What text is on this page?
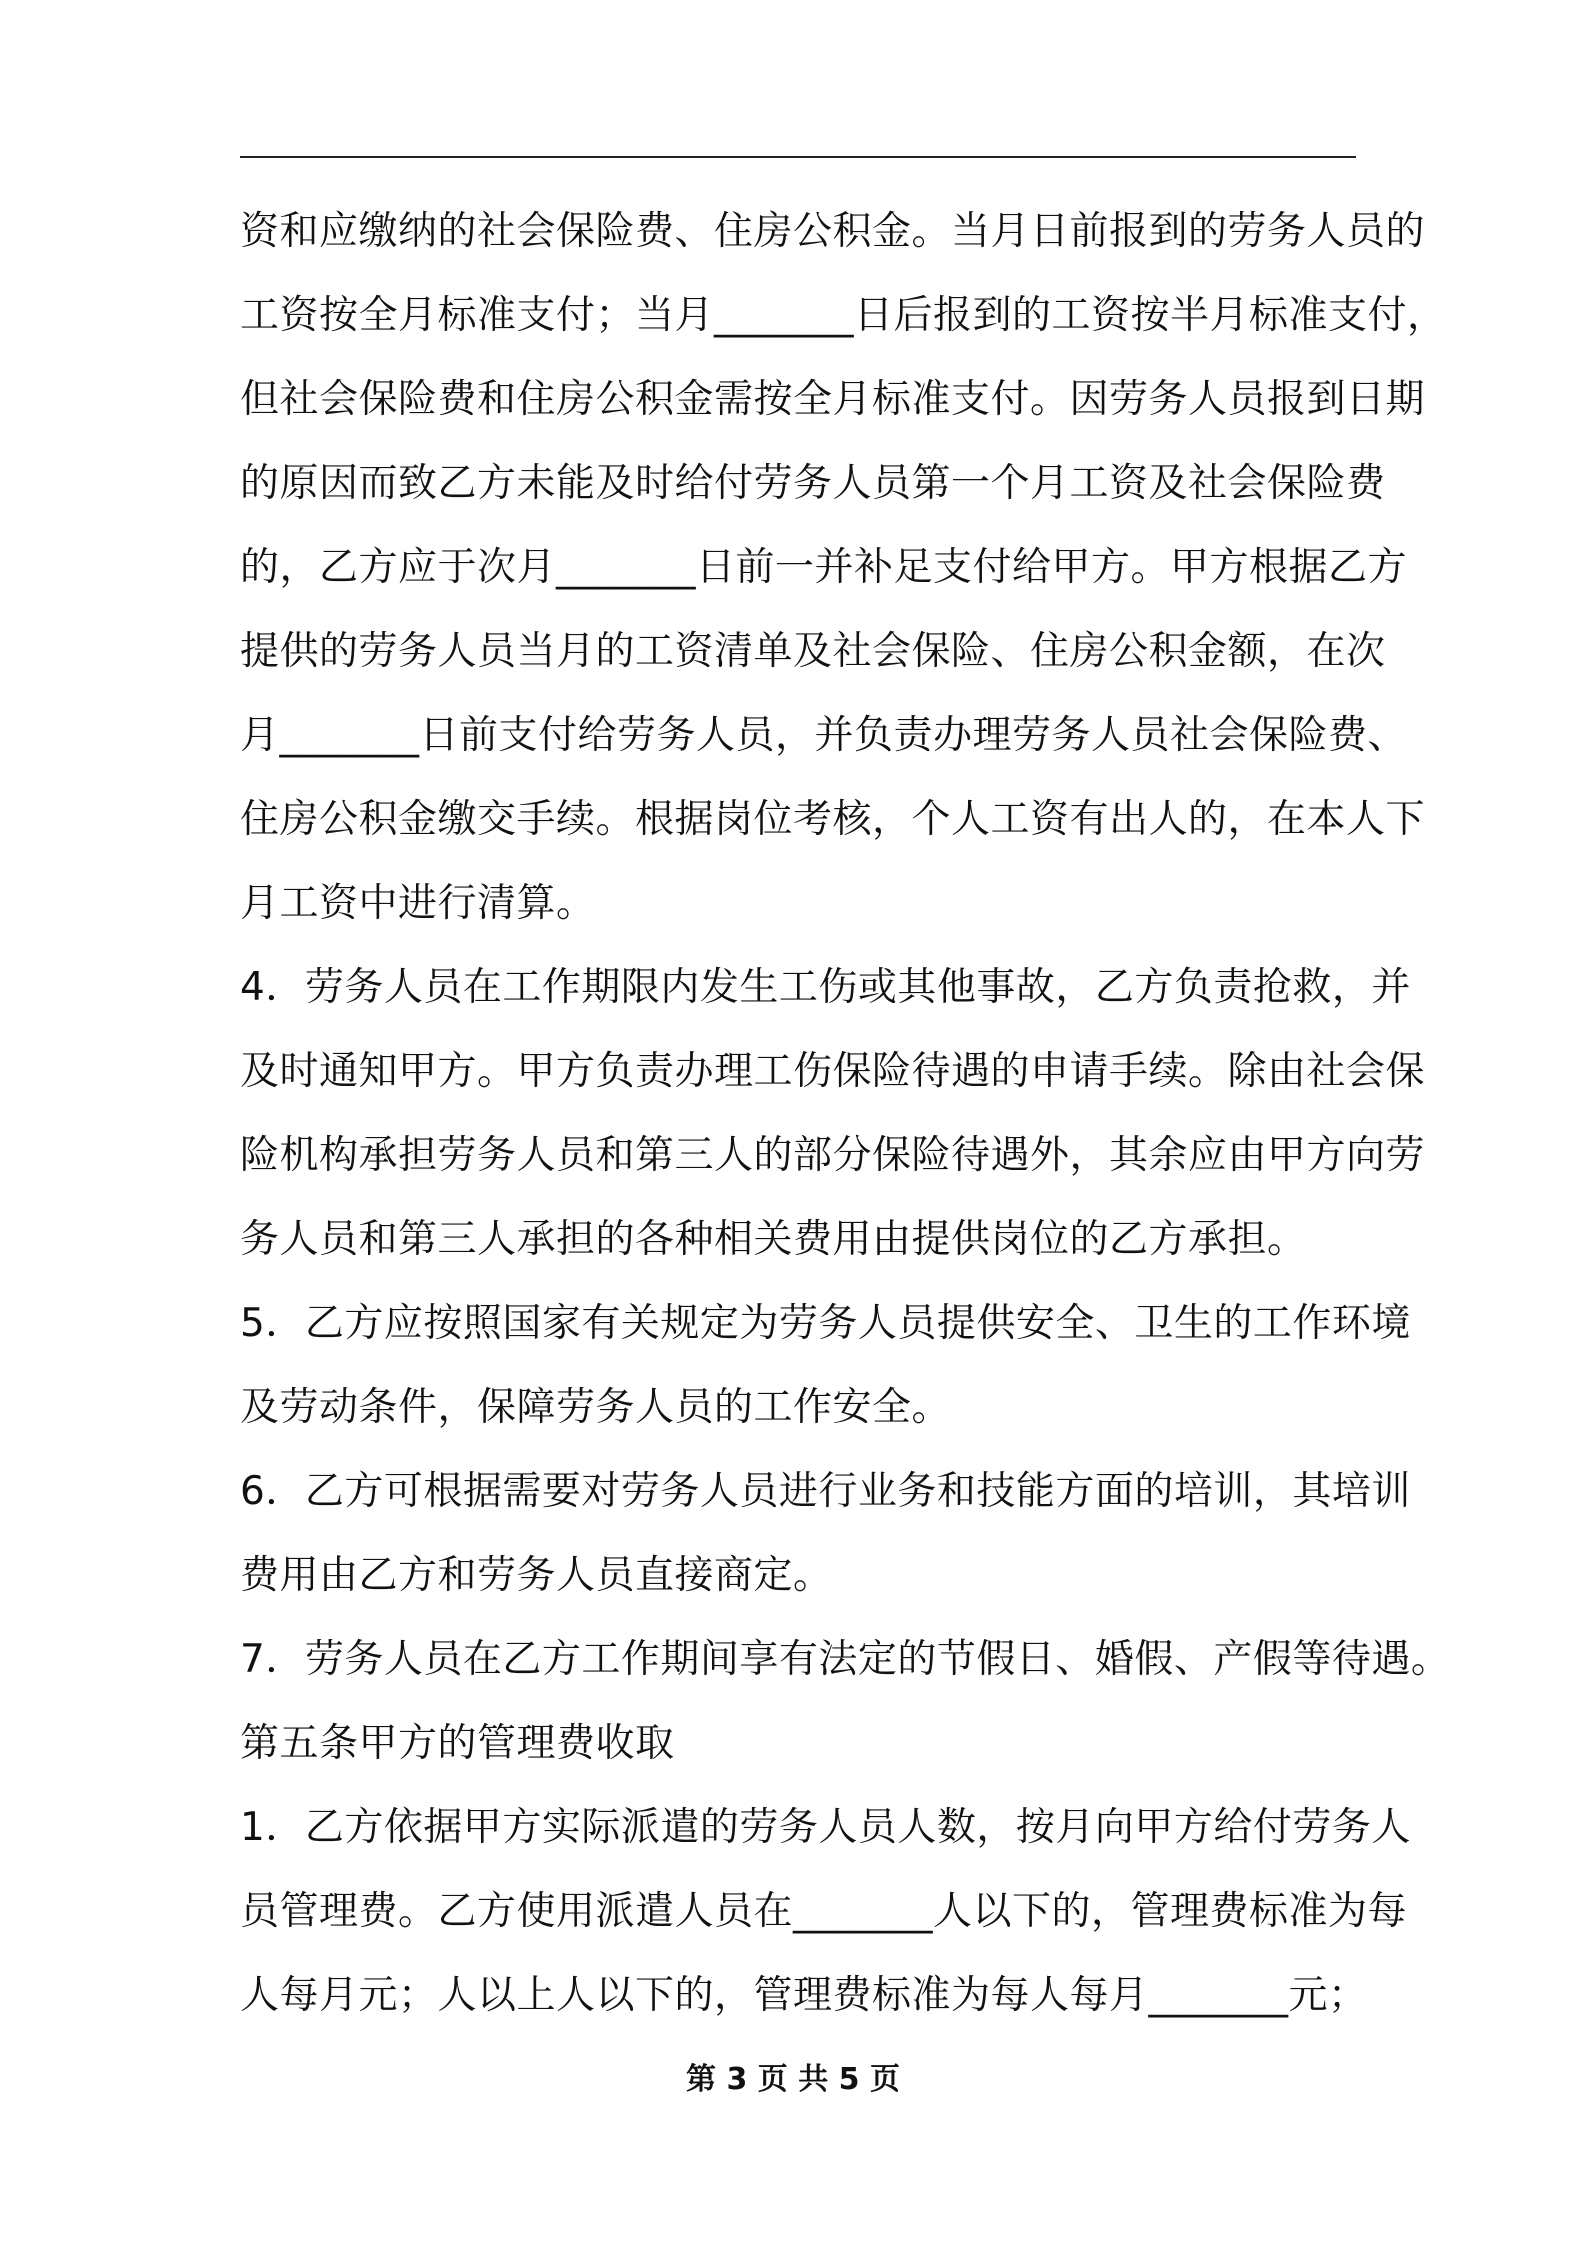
资和应缴纳的社会保险费、住房公积金。当月日前报到的劳务人员的
工资按全月标准支付；当月_______日后报到的工资按半月标准支付，
但社会保险费和住房公积金需按全月标准支付。因劳务人员报到日期
的原因而致乙方未能及时给付劳务人员第一个月工资及社会保险费
的，乙方应于次月_______日前一并补足支付给甲方。甲方根据乙方
提供的劳务人员当月的工资清单及社会保险、住房公积金额，在次
月_______日前支付给劳务人员，并负责办理劳务人员社会保险费、
住房公积金缴交手续。根据岗位考核，个人工资有出人的，在本人下
月工资中进行清算。
4．劳务人员在工作期限内发生工伤或其他事故，乙方负责抢救，并
及时通知甲方。甲方负责办理工伤保险待遇的申请手续。除由社会保
险机构承担劳务人员和第三人的部分保险待遇外，其余应由甲方向劳
务人员和第三人承担的各种相关费用由提供岗位的乙方承担。
5．乙方应按照国家有关规定为劳务人员提供安全、卫生的工作环境
及劳动条件，保障劳务人员的工作安全。
6．乙方可根据需要对劳务人员进行业务和技能方面的培训，其培训
费用由乙方和劳务人员直接商定。
7．劳务人员在乙方工作期间享有法定的节假日、婚假、产假等待遇。
第五条甲方的管理费收取
1．乙方依据甲方实际派遣的劳务人员人数，按月向甲方给付劳务人
员管理费。乙方使用派遣人员在_______人以下的，管理费标准为每
人每月元；人以上人以下的，管理费标准为每人每月_______元；
第 3 页 共 5 页
